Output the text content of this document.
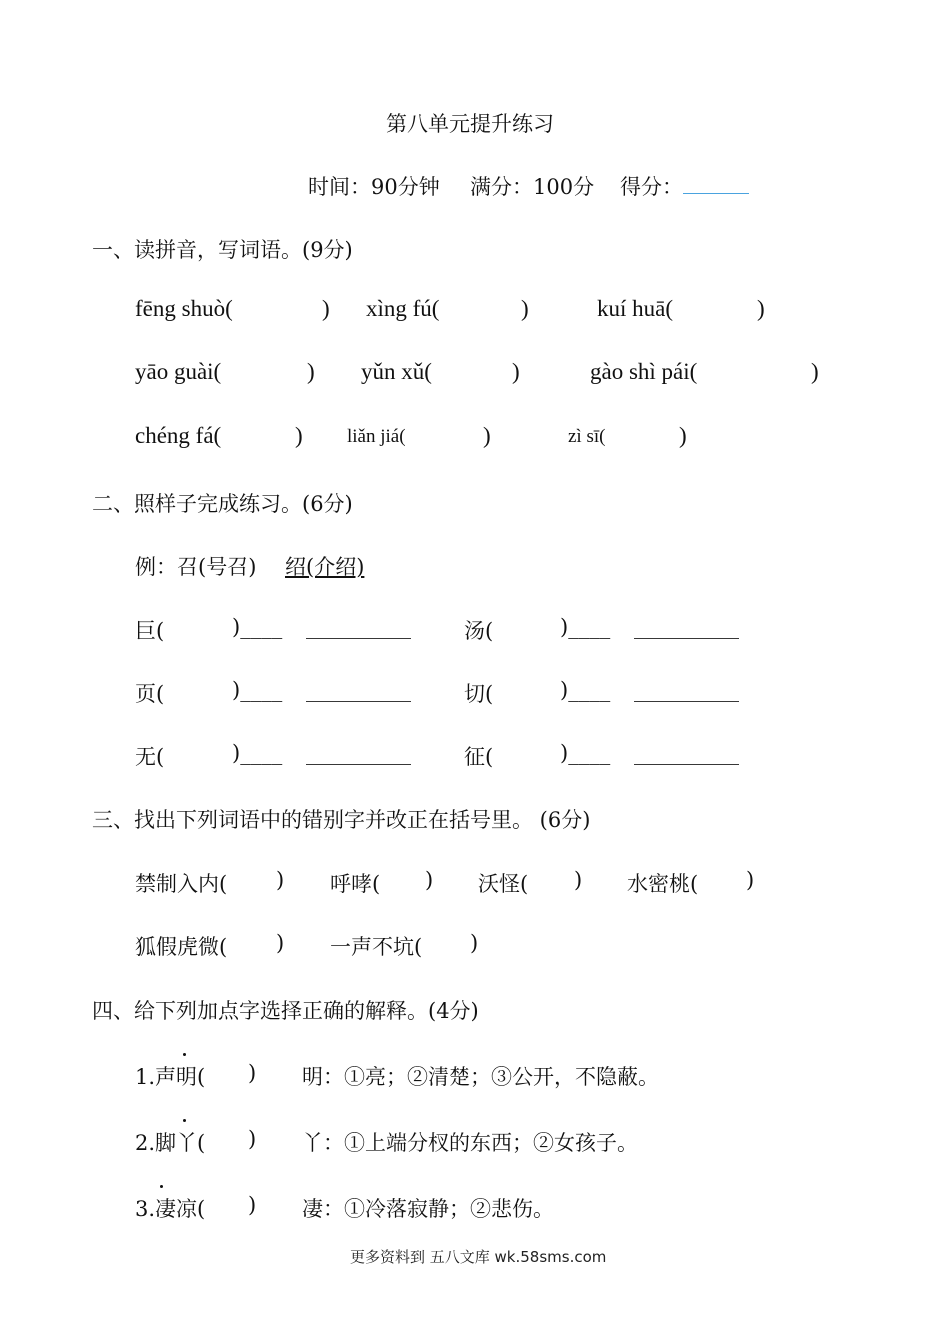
第八单元提升练习
时间：90分钟 满分：100分 得分：
一、读拼音，写词语。(9分)
fēng shuò(	) xìng fú(	)	kuí huā(	)
yāo guài(	) yǔn xǔ(	)	gào shì pái(	)
chéng fá(	) liǎn jiá(	)	zì sī(	)
二、照样子完成练习。(6分)
例：召(号召) 绍(介绍)
巨(	)____ __________	汤(	)____ __________
页(	)____ __________	切(	)____ __________
无(	)____ __________	征(	)____ __________
三、找出下列词语中的错别字并改正在括号里。 (6分)
禁制入内( ) 呼哮( ) 沃怪( ) 水密桃( )
狐假虎微( ) 一声不坑( )
四、给下列加点字选择正确的解释。(4分)
1.声明( ) 明：①亮；②清楚；③公开，不隐蔽。
2.脚丫( ) 丫：①上端分杈的东西；②女孩子。
3.凄凉( ) 凄：①冷落寂静；②悲伤。
更多资料到 五八文库 wk.58sms.com
